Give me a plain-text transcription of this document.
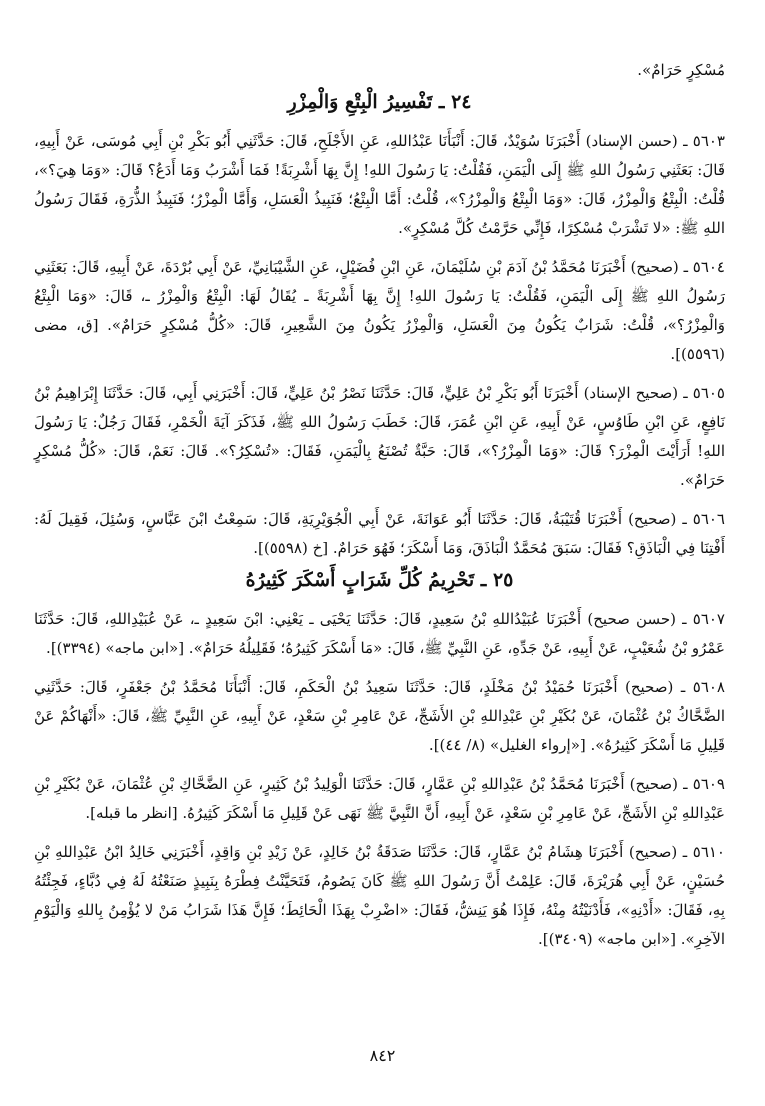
مُسْكِرٍ حَرَامٌ».
٢٤ ـ تَفْسِيرُ الْبِتْعِ وَالْمِزْرِ

٥٦٠٣ ـ (حسن الإسناد) أَخْبَرَنَا سُوَيْدٌ، قَالَ: أَنْبَأَنَا عَبْدُاللهِ، عَنِ الأَجْلَحِ، قَالَ: حَدَّثَنِي أَبُو بَكْرِ بْنِ أَبِي مُوسَى، عَنْ أَبِيهِ، قَالَ: بَعَثَنِي رَسُولُ اللهِ ﷺ إِلَى الْيَمَنِ، فَقُلْتُ: يَا رَسُولَ اللهِ! إِنَّ بِهَا أَشْرِبَةً! فَمَا أَشْرَبُ وَمَا أَدَعُ؟ قَالَ: «وَمَا هِيَ؟»، قُلْتُ: الْبِتْعُ وَالْمِزْرُ، قَالَ: «وَمَا الْبِتْعُ وَالْمِزْرُ؟»، قُلْتُ: أَمَّا الْبِتْعُ؛ فَنَبِيذُ الْعَسَلِ، وَأَمَّا الْمِزْرُ؛ فَنَبِيذُ الذُّرَةِ، فَقَالَ رَسُولُ اللهِ ﷺ: «لا تَشْرَبْ مُسْكِرًا، فَإِنِّي حَرَّمْتُ كُلَّ مُسْكِرٍ».

٥٦٠٤ ـ (صحيح) أَخْبَرَنَا مُحَمَّدُ بْنُ آدَمَ بْنِ سُلَيْمَانَ، عَنِ ابْنِ فُضَيْلٍ، عَنِ الشَّيْبَانِيِّ، عَنْ أَبِي بُرْدَةَ، عَنْ أَبِيهِ، قَالَ: بَعَثَنِي رَسُولُ اللهِ ﷺ إِلَى الْيَمَنِ، فَقُلْتُ: يَا رَسُولَ اللهِ! إِنَّ بِهَا أَشْرِبَةً ـ يُقَالُ لَهَا: الْبِتْعُ وَالْمِزْرُ ـ، قَالَ: «وَمَا الْبِتْعُ وَالْمِزْرُ؟»، قُلْتُ: شَرَابٌ يَكُونُ مِنَ الْعَسَلِ، وَالْمِزْرُ يَكُونُ مِنَ الشَّعِيرِ، قَالَ: «كُلُّ مُسْكِرٍ حَرَامٌ». [ق، مضى (٥٥٩٦)].

٥٦٠٥ ـ (صحيح الإسناد) أَخْبَرَنَا أَبُو بَكْرِ بْنُ عَلِيٍّ، قَالَ: حَدَّثَنَا نَصْرُ بْنُ عَلِيٍّ، قَالَ: أَخْبَرَنِي أَبِي، قَالَ: حَدَّثَنَا إِبْرَاهِيمُ بْنُ نَافِعٍ، عَنِ ابْنِ طَاوُسٍ، عَنْ أَبِيهِ، عَنِ ابْنِ عُمَرَ، قَالَ: خَطَبَ رَسُولُ اللهِ ﷺ، فَذَكَرَ آيَةَ الْخَمْرِ، فَقَالَ رَجُلٌ: يَا رَسُولَ اللهِ! أَرَأَيْتَ الْمِزْرَ؟ قَالَ: «وَمَا الْمِزْرُ؟»، قَالَ: حَبَّةٌ تُصْنَعُ بِالْيَمَنِ، فَقَالَ: «تُسْكِرُ؟». قَالَ: نَعَمْ، قَالَ: «كُلُّ مُسْكِرٍ حَرَامٌ».

٥٦٠٦ ـ (صحيح) أَخْبَرَنَا قُتَيْبَةُ، قَالَ: حَدَّثَنَا أَبُو عَوَانَةَ، عَنْ أَبِي الْجُوَيْرِيَةِ، قَالَ: سَمِعْتُ ابْنَ عَبَّاسٍ، وَسُئِلَ، فَقِيلَ لَهُ: أَفْتِنَا فِي الْبَاذَقِ؟ فَقَالَ: سَبَقَ مُحَمَّدٌ الْبَاذَقَ، وَمَا أَسْكَرَ؛ فَهُوَ حَرَامٌ. [خ (٥٥٩٨)].

٢٥ ـ تَحْرِيمُ كُلِّ شَرَابٍ أَسْكَرَ كَثِيرُهُ

٥٦٠٧ ـ (حسن صحيح) أَخْبَرَنَا عُبَيْدُاللهِ بْنُ سَعِيدٍ، قَالَ: حَدَّثَنَا يَحْيَى ـ يَعْنِي: ابْنَ سَعِيدٍ ـ، عَنْ عُبَيْدِاللهِ، قَالَ: حَدَّثَنَا عَمْرُو بْنُ شُعَيْبٍ، عَنْ أَبِيهِ، عَنْ جَدِّهِ، عَنِ النَّبِيِّ ﷺ، قَالَ: «مَا أَسْكَرَ كَثِيرُهُ؛ فَقَلِيلُهُ حَرَامٌ». [«ابن ماجه» (٣٣٩٤)].

٥٦٠٨ ـ (صحيح) أَخْبَرَنَا حُمَيْدُ بْنُ مَخْلَدٍ، قَالَ: حَدَّثَنَا سَعِيدُ بْنُ الْحَكَمِ، قَالَ: أَنْبَأَنَا مُحَمَّدُ بْنُ جَعْفَرٍ، قَالَ: حَدَّثَنِي الضَّحَّاكُ بْنُ عُثْمَانَ، عَنْ بُكَيْرِ بْنِ عَبْدِاللهِ بْنِ الأَشَجِّ، عَنْ عَامِرِ بْنِ سَعْدٍ، عَنْ أَبِيهِ، عَنِ النَّبِيِّ ﷺ، قَالَ: «أَنْهَاكُمْ عَنْ قَلِيلِ مَا أَسْكَرَ كَثِيرُهُ». [«إرواء الغليل» (٨/ ٤٤)].

٥٦٠٩ ـ (صحيح) أَخْبَرَنَا مُحَمَّدُ بْنُ عَبْدِاللهِ بْنِ عَمَّارٍ، قَالَ: حَدَّثَنَا الْوَلِيدُ بْنُ كَثِيرٍ، عَنِ الضَّحَّاكِ بْنِ عُثْمَانَ، عَنْ بُكَيْرِ بْنِ عَبْدِاللهِ بْنِ الأَشَجِّ، عَنْ عَامِرِ بْنِ سَعْدٍ، عَنْ أَبِيهِ، أَنَّ النَّبِيَّ ﷺ نَهَى عَنْ قَلِيلِ مَا أَسْكَرَ كَثِيرُهُ. [انظر ما قبله].

٥٦١٠ ـ (صحيح) أَخْبَرَنَا هِشَامُ بْنُ عَمَّارٍ، قَالَ: حَدَّثَنَا صَدَقَةُ بْنُ خَالِدٍ، عَنْ زَيْدِ بْنِ وَاقِدٍ، أَخْبَرَنِي خَالِدُ ابْنُ عَبْدِاللهِ بْنِ حُسَيْنٍ، عَنْ أَبِي هُرَيْرَةَ، قَالَ: عَلِمْتُ أَنَّ رَسُولَ اللهِ ﷺ كَانَ يَصُومُ، فَتَحَيَّنْتُ فِطْرَهُ بِنَبِيذٍ صَنَعْتُهُ لَهُ فِي دُبَّاءٍ، فَجِئْتُهُ بِهِ، فَقَالَ: «أَدْنِهِ»، فَأَدْنَيْتُهُ مِنْهُ، فَإِذَا هُوَ يَنِشُّ، فَقَالَ: «اضْرِبْ بِهَذَا الْحَائِطَ؛ فَإِنَّ هَذَا شَرَابُ مَنْ لا يُؤْمِنُ بِاللهِ وَالْيَوْمِ الآخِرِ». [«ابن ماجه» (٣٤٠٩)].

٨٤٢
